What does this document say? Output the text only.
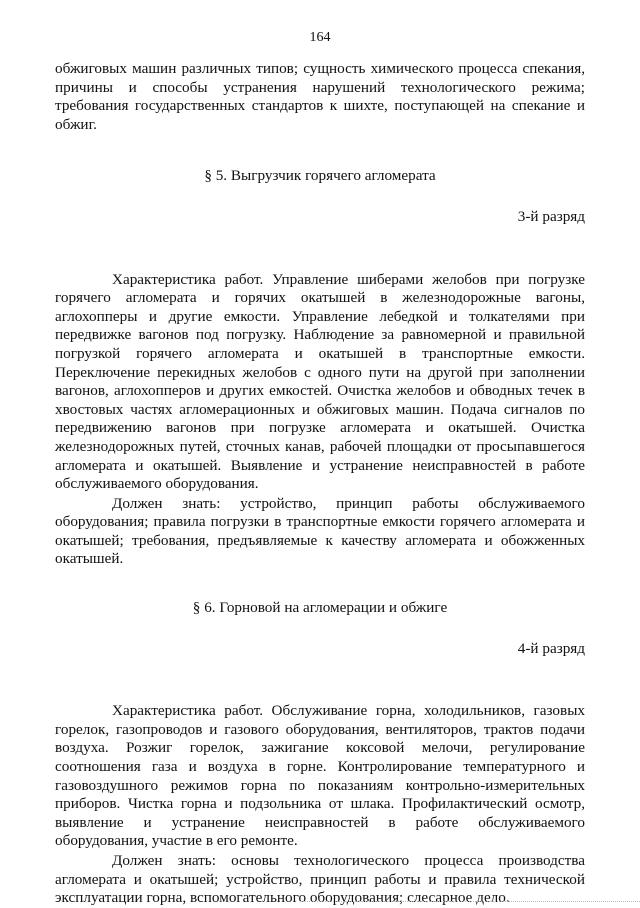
164

обжиговых машин различных типов; сущность химического процесса спекания, причины и способы устранения нарушений технологического режима; требования государственных стандартов к шихте, поступающей на спекание и обжиг.

§ 5. Выгрузчик горячего агломерата

3-й разряд

Характеристика работ. Управление шиберами желобов при погрузке горячего агломерата и горячих окатышей в железнодорожные вагоны, аглохопперы и другие емкости. Управление лебедкой и толкателями при передвижке вагонов под погрузку. Наблюдение за равномерной и правильной погрузкой горячего агломерата и окатышей в транспортные емкости. Переключение перекидных желобов с одного пути на другой при заполнении вагонов, аглохопперов и других емкостей. Очистка желобов и обводных течек в хвостовых частях агломерационных и обжиговых машин. Подача сигналов по передвижению вагонов при погрузке агломерата и окатышей. Очистка железнодорожных путей, сточных канав, рабочей площадки от просыпавшегося агломерата и окатышей. Выявление и устранение неисправностей в работе обслуживаемого оборудования.

Должен знать: устройство, принцип работы обслуживаемого оборудования; правила погрузки в транспортные емкости горячего агломерата и окатышей; требования, предъявляемые к качеству агломерата и обожженных окатышей.

§ 6. Горновой на агломерации и обжиге

4-й разряд

Характеристика работ. Обслуживание горна, холодильников, газовых горелок, газопроводов и газового оборудования, вентиляторов, трактов подачи воздуха. Розжиг горелок, зажигание коксовой мелочи, регулирование соотношения газа и воздуха в горне. Контролирование температурного и газовоздушного режимов горна по показаниям контрольно-измерительных приборов. Чистка горна и подзольника от шлака. Профилактический осмотр, выявление и устранение неисправностей в работе обслуживаемого оборудования, участие в его ремонте.

Должен знать: основы технологического процесса производства агломерата и окатышей; устройство, принцип работы и правила технической эксплуатации горна, вспомогательного оборудования; слесарное дело.
